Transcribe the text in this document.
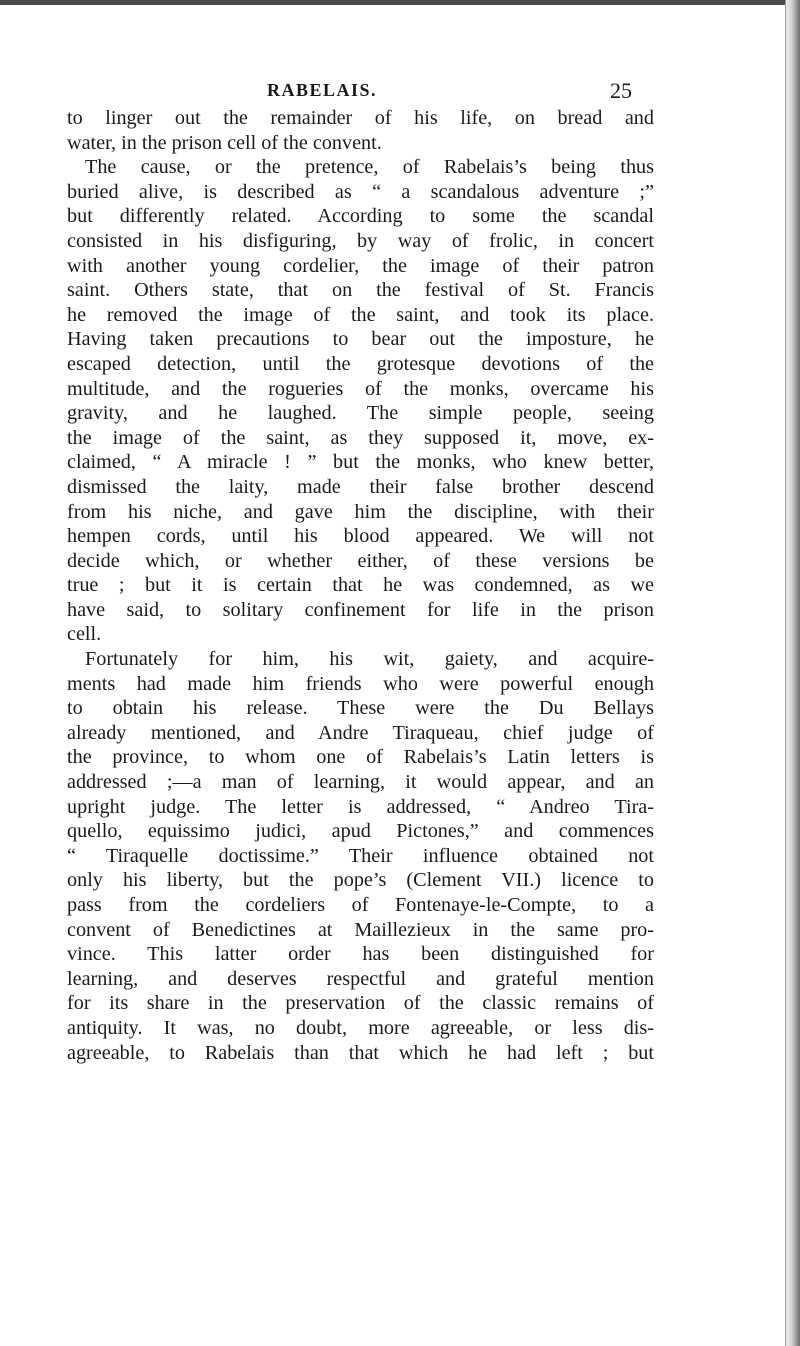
RABELAIS.	25
to linger out the remainder of his life, on bread and
water, in the prison cell of the convent.
The cause, or the pretence, of Rabelais’s being thus
buried alive, is described as “ a scandalous adventure ;”
but differently related. According to some the scandal
consisted in his disfiguring, by way of frolic, in concert
with another young cordelier, the image of their patron
saint. Others state, that on the festival of St. Francis
he removed the image of the saint, and took its place.
Having taken precautions to bear out the imposture, he
escaped detection, until the grotesque devotions of the
multitude, and the rogueries of the monks, overcame his
gravity, and he laughed. The simple people, seeing
the image of the saint, as they supposed it, move, ex-
claimed, “ A miracle ! ” but the monks, who knew better,
dismissed the laity, made their false brother descend
from his niche, and gave him the discipline, with their
hempen cords, until his blood appeared. We will not
decide which, or whether either, of these versions be
true ; but it is certain that he was condemned, as we
have said, to solitary confinement for life in the prison
cell.
Fortunately for him, his wit, gaiety, and acquire-
ments had made him friends who were powerful enough
to obtain his release. These were the Du Bellays
already mentioned, and Andre Tiraqueau, chief judge of
the province, to whom one of Rabelais’s Latin letters is
addressed ;—a man of learning, it would appear, and an
upright judge. The letter is addressed, “ Andreo Tira-
quello, equissimo judici, apud Pictones,” and commences
“ Tiraquelle doctissime.” Their influence obtained not
only his liberty, but the pope’s (Clement VII.) licence to
pass from the cordeliers of Fontenaye-le-Compte, to a
convent of Benedictines at Maillezieux in the same pro-
vince. This latter order has been distinguished for
learning, and deserves respectful and grateful mention
for its share in the preservation of the classic remains of
antiquity. It was, no doubt, more agreeable, or less dis-
agreeable, to Rabelais than that which he had left ; but
